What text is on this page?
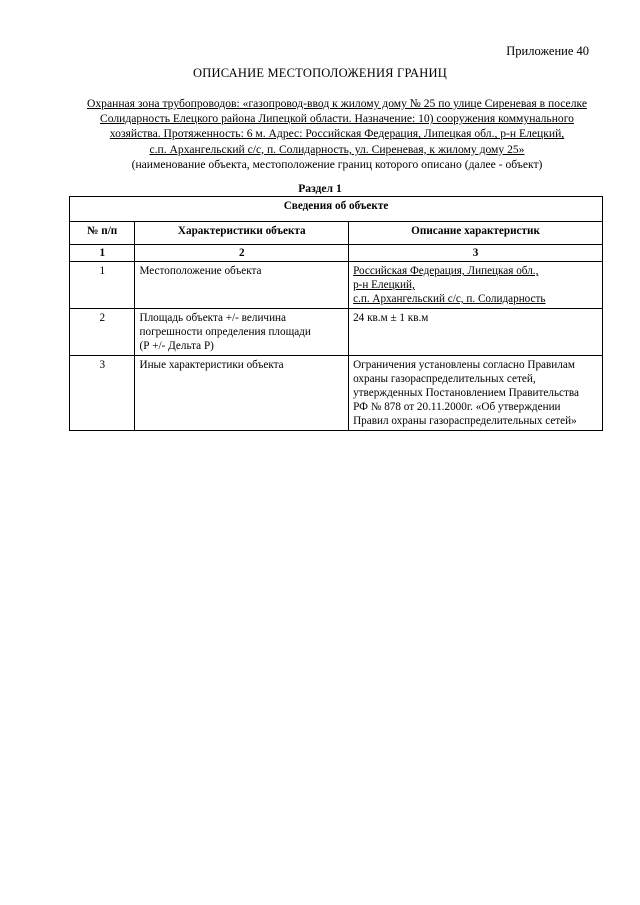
Приложение 40
ОПИСАНИЕ МЕСТОПОЛОЖЕНИЯ ГРАНИЦ
Охранная зона трубопроводов: «газопровод-ввод к жилому дому № 25 по улице Сиреневая в поселке
Солидарность Елецкого района Липецкой области. Назначение: 10) сооружения коммунального
хозяйства. Протяженность: 6 м. Адрес: Российская Федерация, Липецкая обл., р-н Елецкий,
с.п. Архангельский с/с, п. Солидарность, ул. Сиреневая, к жилому дому 25»
(наименование объекта, местоположение границ которого описано (далее - объект)
Раздел 1
Сведения об объекте		
№ п/п	Характеристики объекта	Описание характеристик
1	2	3
1	Местоположение объекта	Российская Федерация, Липецкая обл.,
р-н Елецкий,
с.п. Архангельский с/с, п. Солидарность

2	Площадь объекта +/- величина
погрешности определения площади
(Р +/- Дельта Р)	24 кв.м ± 1 кв.м
3	Иные характеристики объекта	Ограничения установлены согласно Правилам
охраны газораспределительных сетей,
утвержденных Постановлением Правительства
РФ № 878 от 20.11.2000г. «Об утверждении
Правил охраны газораспределительных сетей»
